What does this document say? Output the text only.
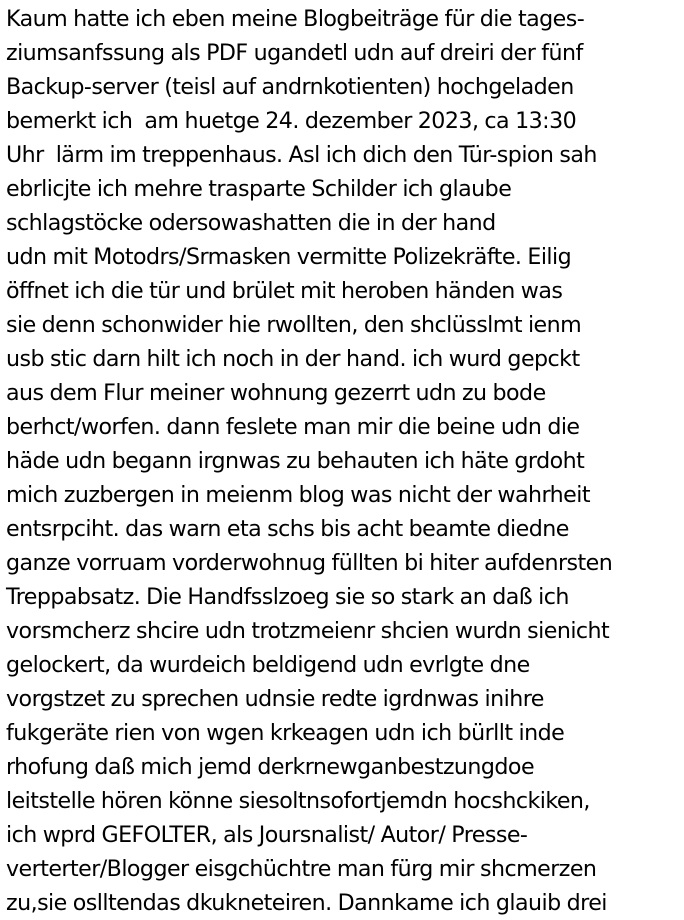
Kaum hatte ich eben meine Blogbeiträge für die tages-
ziumsanfssung als PDF ugandetl udn auf dreiri der fünf
Backup-server (teisl auf andrnkotienten) hochgeladen
bemerkt ich  am huetge 24. dezember 2023, ca 13:30
Uhr  lärm im treppenhaus. Asl ich dich den Tür-spion sah
ebrlicjte ich mehre trasparte Schilder ich glaube
schlagstöcke odersowashatten die in der hand
udn mit Motodrs/Srmasken vermitte Polizekräfte. Eilig
öffnet ich die tür und brület mit heroben händen was
sie denn schonwider hie rwollten, den shclüsslmt ienm
usb stic darn hilt ich noch in der hand. ich wurd gepckt
aus dem Flur meiner wohnung gezerrt udn zu bode
berhct/worfen. dann feslete man mir die beine udn die
häde udn begann irgnwas zu behauten ich häte grdoht
mich zuzbergen in meienm blog was nicht der wahrheit
entsrpciht. das warn eta schs bis acht beamte diedne
ganze vorruam vorderwohnug füllten bi hiter aufdenrsten
Treppabsatz. Die Handfsslzoeg sie so stark an daß ich
vorsmcherz shcire udn trotzmeienr shcien wurdn sienicht
gelockert, da wurdeich beldigend udn evrlgte dne
vorgstzet zu sprechen udnsie redte igrdnwas inihre
fukgeräte rien von wgen krkeagen udn ich bürllt inde
rhofung daß mich jemd derkrnewganbestzungdoe
leitstelle hören könne siesoltnsofortjemdn hocshckiken,
ich wprd GEFOLTER, als Joursnalist/ Autor/ Presse-
verterter/Blogger eisgchüchtre man fürg mir shcmerzen
zu,sie oslltendas dkukneteiren. Dannkame ich glauib drei
